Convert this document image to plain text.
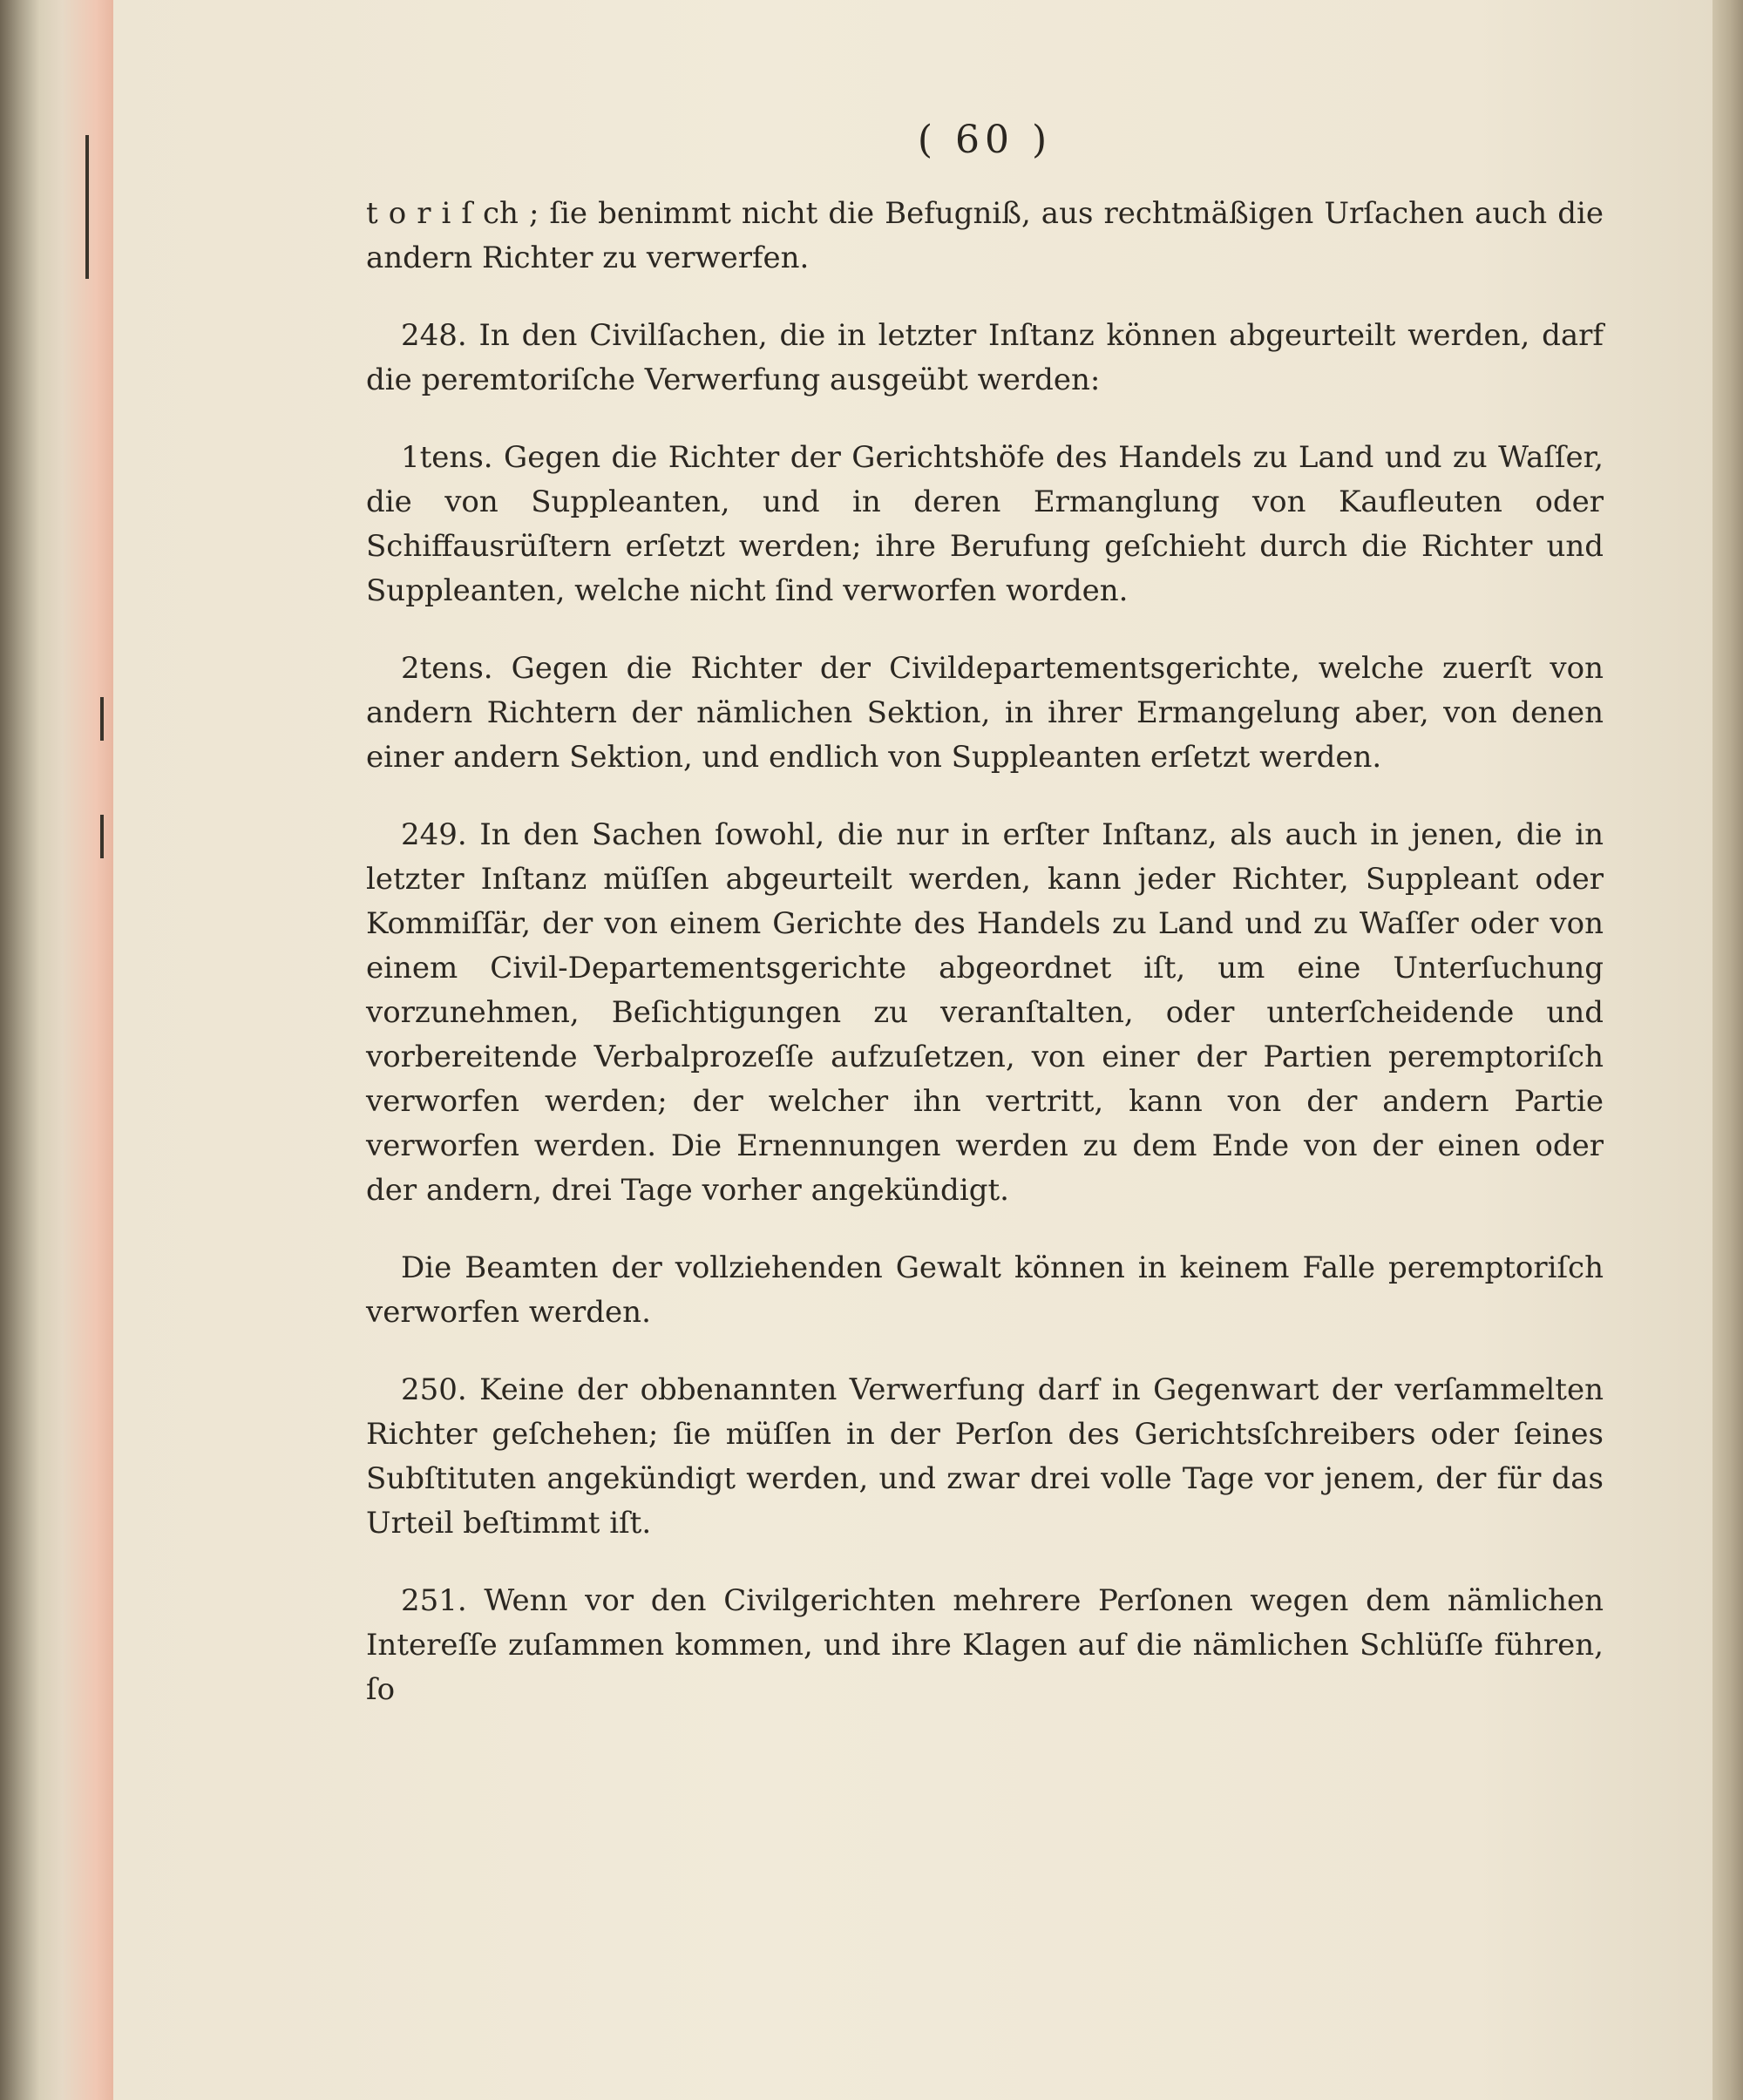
( 60 )

t o r i ſ ch ; ſie benimmt nicht die Befugniß, aus rechtmäßigen Urſachen auch die andern Richter zu verwerfen.

248. In den Civilſachen, die in letzter Inſtanz können abgeurteilt werden, darf die peremtoriſche Verwerfung ausgeübt werden:

1tens. Gegen die Richter der Gerichtshöfe des Handels zu Land und zu Waſſer, die von Suppleanten, und in deren Ermanglung von Kaufleuten oder Schiffausrüſtern erſetzt werden; ihre Berufung geſchieht durch die Richter und Suppleanten, welche nicht ſind verworfen worden.

2tens. Gegen die Richter der Civildepartementsgerichte, welche zuerſt von andern Richtern der nämlichen Sektion, in ihrer Ermangelung aber, von denen einer andern Sektion, und endlich von Suppleanten erſetzt werden.

249. In den Sachen ſowohl, die nur in erſter Inſtanz, als auch in jenen, die in letzter Inſtanz müſſen abgeurteilt werden, kann jeder Richter, Suppleant oder Kommiſſär, der von einem Gerichte des Handels zu Land und zu Waſſer oder von einem Civil-Departementsgerichte abgeordnet iſt, um eine Unterſuchung vorzunehmen, Beſichtigungen zu veranſtalten, oder unterſcheidende und vorbereitende Verbalprozeſſe aufzuſetzen, von einer der Partien peremptoriſch verworfen werden; der welcher ihn vertritt, kann von der andern Partie verworfen werden. Die Ernennungen werden zu dem Ende von der einen oder der andern, drei Tage vorher angekündigt.

Die Beamten der vollziehenden Gewalt können in keinem Falle peremptoriſch verworfen werden.

250. Keine der obbenannten Verwerfung darf in Gegenwart der verſammelten Richter geſchehen; ſie müſſen in der Perſon des Gerichtsſchreibers oder ſeines Subſtituten angekündigt werden, und zwar drei volle Tage vor jenem, der für das Urteil beſtimmt iſt.

251. Wenn vor den Civilgerichten mehrere Perſonen wegen dem nämlichen Intereſſe zuſammen kommen, und ihre Klagen auf die nämlichen Schlüſſe führen, ſo
